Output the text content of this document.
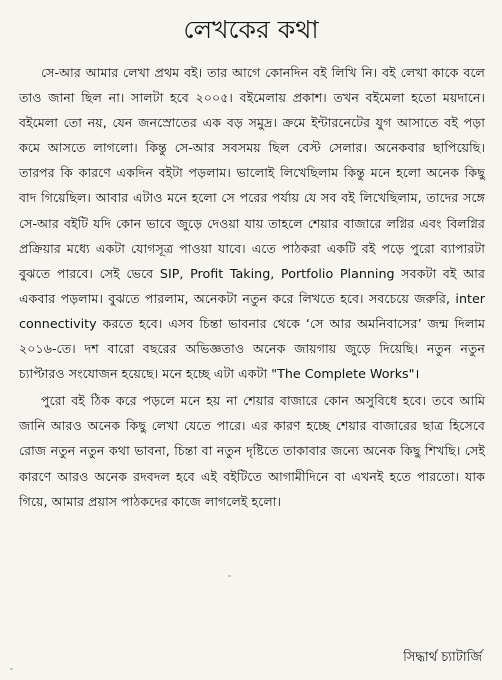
লেখকের কথা

সে-আর আমার লেখা প্রথম বই। তার আগে কোনদিন বই লিখি নি। বই লেখা কাকে বলে তাও জানা ছিল না। সালটা হবে ২০০৫। বইমেলায় প্রকাশ। তখন বইমেলা হতো ময়দানে। বইমেলা তো নয়, যেন জনস্রোতের এক বড় সমুদ্র। ক্রমে ইন্টারনেটের যুগ আসাতে বই পড়া কমে আসতে লাগলো। কিন্তু সে-আর সবসময় ছিল বেস্ট সেলার। অনেকবার ছাপিয়েছি। তারপর কি কারণে একদিন বইটা পড়লাম। ভালোই লিখেছিলাম কিন্তু মনে হলো অনেক কিছু বাদ গিয়েছিল। আবার এটাও মনে হলো সে পরের পর্যায় যে সব বই লিখেছিলাম, তাদের সঙ্গে সে-আর বইটি যদি কোন ভাবে জুড়ে দেওয়া যায় তাহলে শেয়ার বাজারে লগ্নির এবং বিলগ্নির প্রক্রিয়ার মধ্যে একটা যোগসূত্র পাওয়া যাবে। এতে পাঠকরা একটি বই পড়ে পুরো ব্যাপারটা বুঝতে পারবে। সেই ভেবে SIP, Profit Taking, Portfolio Planning সবকটা বই আর একবার পড়লাম। বুঝতে পারলাম, অনেকটা নতুন করে লিখতে হবে। সবচেয়ে জরুরি, inter connectivity করতে হবে। এসব চিন্তা ভাবনার থেকে ‘সে আর অমনিবাসের’ জন্ম দিলাম ২০১৬-তে। দশ বারো বছরের অভিজ্ঞতাও অনেক জায়গায় জুড়ে দিয়েছি। নতুন নতুন চ্যাপ্টারও সংযোজন হয়েছে। মনে হচ্ছে এটা একটা "The Complete Works"।

পুরো বই ঠিক করে পড়লে মনে হয় না শেয়ার বাজারে কোন অসুবিধে হবে। তবে আমি জানি আরও অনেক কিছু লেখা যেতে পারে। এর কারণ হচ্ছে শেয়ার বাজারের ছাত্র হিসেবে রোজ নতুন নতুন কথা ভাবনা, চিন্তা বা নতুন দৃষ্টিতে তাকাবার জন্যে অনেক কিছু শিখছি। সেই কারণে আরও অনেক রদবদল হবে এই বইটিতে আগামীদিনে বা এখনই হতে পারতো। যাক গিয়ে, আমার প্রয়াস পাঠকদের কাজে লাগলেই হলো।

সিদ্ধার্থ চ্যাটার্জি
